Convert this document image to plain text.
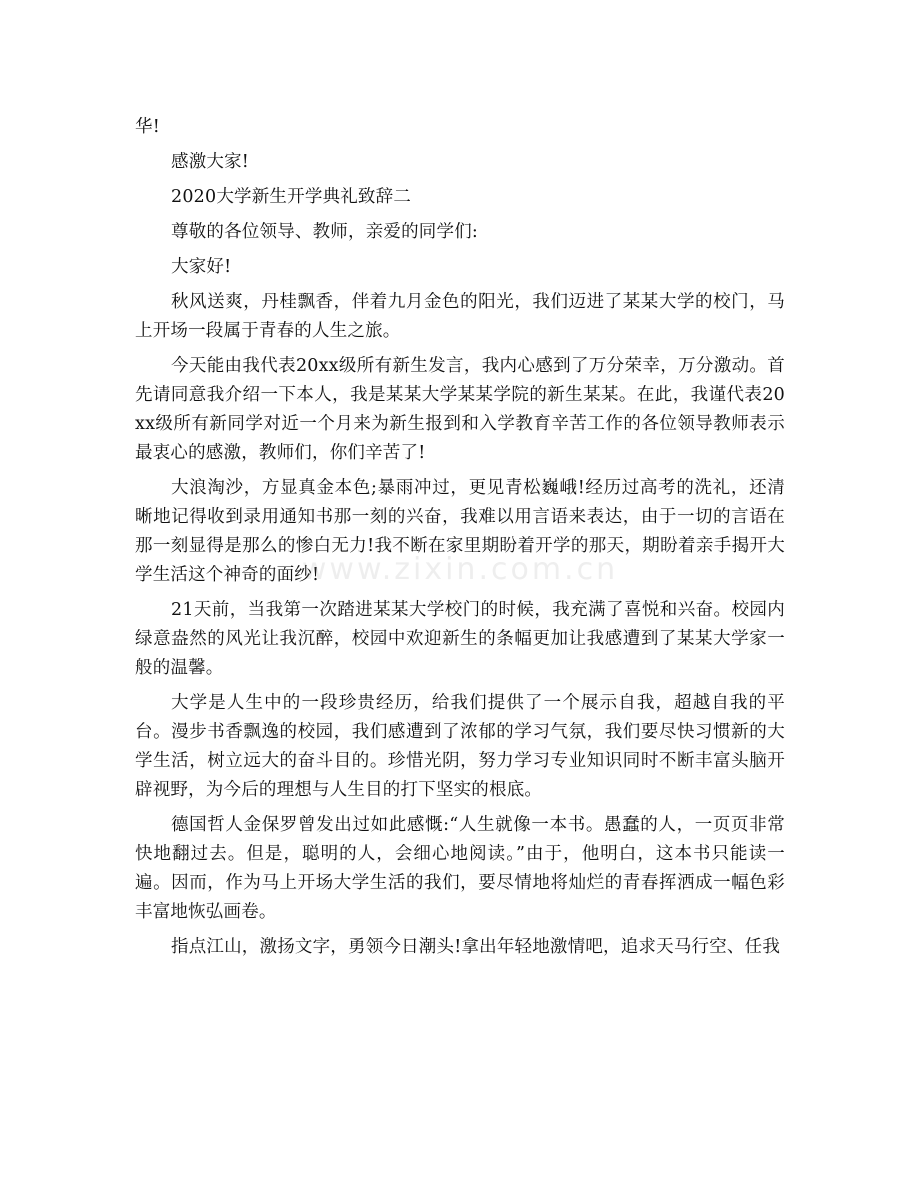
华!

感激大家!

2020大学新生开学典礼致辞二

尊敬的各位领导、教师，亲爱的同学们:

大家好!

秋风送爽，丹桂飘香，伴着九月金色的阳光，我们迈进了某某大学的校门，马上开场一段属于青春的人生之旅。

今天能由我代表20xx级所有新生发言，我内心感到了万分荣幸，万分激动。首先请同意我介绍一下本人，我是某某大学某某学院的新生某某。在此，我谨代表20xx级所有新同学对近一个月来为新生报到和入学教育辛苦工作的各位领导教师表示最衷心的感激，教师们，你们辛苦了!

大浪淘沙，方显真金本色;暴雨冲过，更见青松巍峨!经历过高考的洗礼，还清晰地记得收到录用通知书那一刻的兴奋，我难以用言语来表达，由于一切的言语在那一刻显得是那么的惨白无力!我不断在家里期盼着开学的那天，期盼着亲手揭开大学生活这个神奇的面纱!

21天前，当我第一次踏进某某大学校门的时候，我充满了喜悦和兴奋。校园内绿意盎然的风光让我沉醉，校园中欢迎新生的条幅更加让我感遭到了某某大学家一般的温馨。

大学是人生中的一段珍贵经历，给我们提供了一个展示自我，超越自我的平台。漫步书香飘逸的校园，我们感遭到了浓郁的学习气氛，我们要尽快习惯新的大学生活，树立远大的奋斗目的。珍惜光阴，努力学习专业知识同时不断丰富头脑开辟视野，为今后的理想与人生目的打下坚实的根底。

德国哲人金保罗曾发出过如此感慨:“人生就像一本书。愚蠢的人，一页页非常快地翻过去。但是，聪明的人，会细心地阅读。”由于，他明白，这本书只能读一遍。因而，作为马上开场大学生活的我们，要尽情地将灿烂的青春挥洒成一幅色彩丰富地恢弘画卷。

指点江山，激扬文字，勇领今日潮头!拿出年轻地激情吧，追求天马行空、任我

www.zixin.com.cn
